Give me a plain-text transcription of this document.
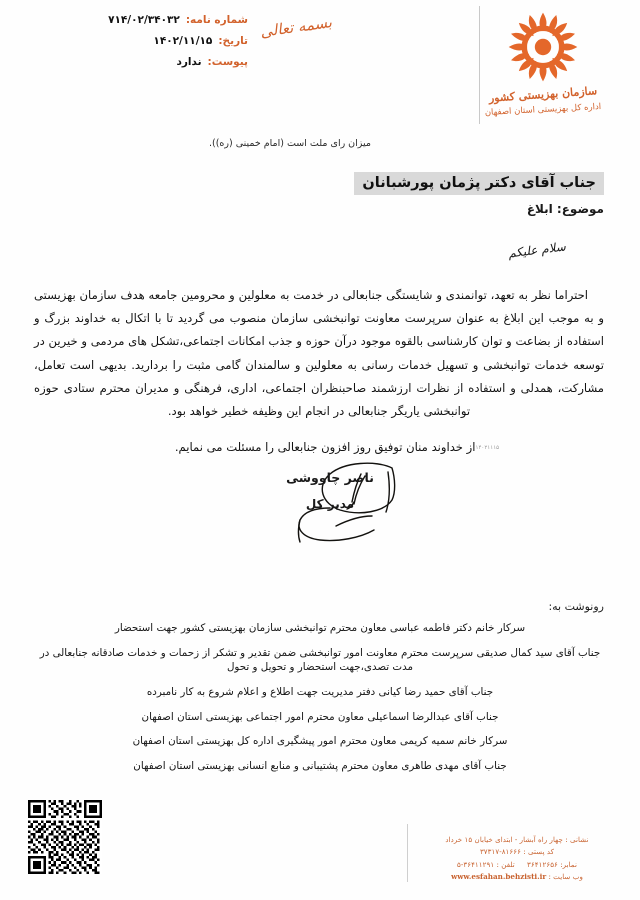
شماره نامه:
۷۱۴/۰۲/۳۴۰۳۲
تاریخ:
۱۴۰۲/۱۱/۱۵
پیوست:
ندارد
بسمه تعالی
سازمان بهزیستی کشور
اداره کل بهزیستی استان اصفهان
میزان رای ملت است (امام خمینی (ره)).
جناب آقای دکتر پژمان پورشبانان
موضوع: ابلاغ
سلام علیکم
احتراما نظر به تعهد، توانمندی و شایستگی جنابعالی در خدمت به معلولین و محرومین جامعه هدف سازمان بهزیستی و به موجب این ابلاغ به عنوان سرپرست معاونت توانبخشی سازمان منصوب می گردید تا با اتکال به خداوند بزرگ و استفاده از بضاعت و توان کارشناسی بالقوه موجود درآن حوزه و جذب امکانات اجتماعی،تشکل های مردمی و خیرین در توسعه خدمات توانبخشی و تسهیل خدمات رسانی به معلولین و سالمندان گامی مثبت را بردارید. بدیهی است تعامل، مشارکت، همدلی و استفاده از نظرات ارزشمند صاحبنظران اجتماعی، اداری، فرهنگی و مدیران محترم ستادی حوزه توانبخشی یاریگر جنابعالی در انجام این وظیفه خطیر خواهد بود.
۱۴۰۲۱۱۱۵از خداوند منان توفیق روز افزون جنابعالی را مسئلت می نمایم.
ناصر چاووشی
مدیر کل
رونوشت به:
سرکار خانم دکتر فاطمه عباسی معاون محترم توانبخشی سازمان بهزیستی کشور جهت استحضار
جناب آقای سید کمال صدیقی سرپرست محترم معاونت امور توانبخشی ضمن تقدیر و تشکر از زحمات و خدمات صادقانه جنابعالی در مدت تصدی،جهت استحضار و تحویل و تحول
جناب آقای حمید رضا کیانی دفتر مدیریت جهت اطلاع و اعلام شروع به کار نامبرده
جناب آقای عبدالرضا اسماعیلی معاون محترم امور اجتماعی بهزیستی استان اصفهان
سرکار خانم سمیه کریمی معاون محترم امور پیشگیری اداره کل بهزیستی استان اصفهان
جناب آقای مهدی طاهری معاون محترم پشتیبانی و منابع انسانی بهزیستی استان اصفهان
نشانی : چهار راه آبشار - ابتدای خیابان ۱۵ خرداد
کد پستی : ۸۱۶۶۶-۳۷۳۱۷
نمابر: ۳۶۴۱۲۶۵۶ تلفن : ۳۶۴۱۱۲۹۱-۵
وب سایت : www.esfahan.behzisti.ir
